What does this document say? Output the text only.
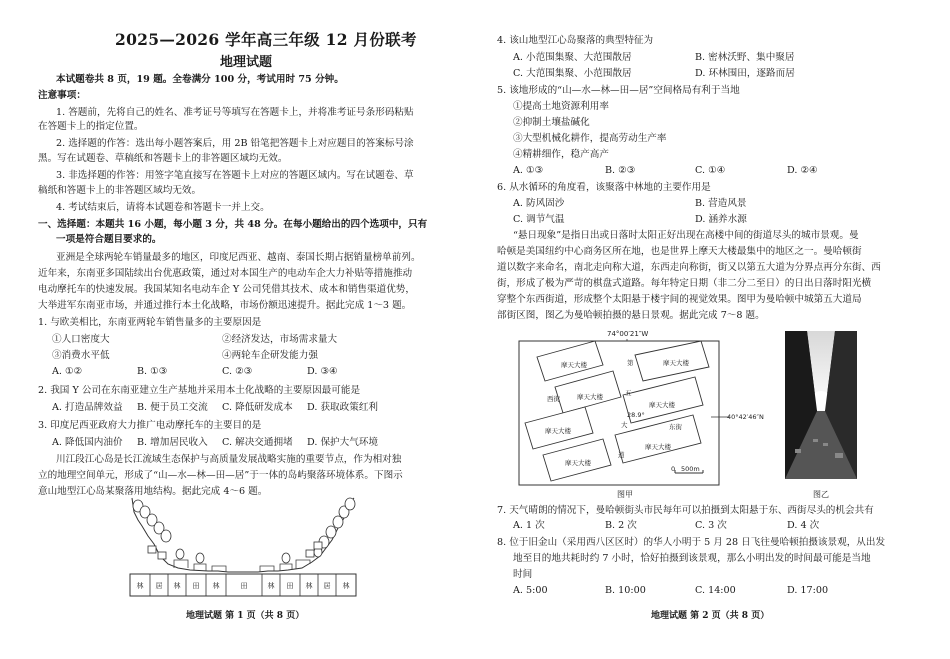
2025—2026 学年高三年级 12 月份联考
地理试题
本试题卷共 8 页，19 题。全卷满分 100 分，考试用时 75 分钟。
注意事项：
1. 答题前，先将自己的姓名、准考证号等填写在答题卡上，并将准考证号条形码粘贴
在答题卡上的指定位置。
2. 选择题的作答：选出每小题答案后，用 2B 铅笔把答题卡上对应题目的答案标号涂
黑。写在试题卷、草稿纸和答题卡上的非答题区域均无效。
3. 非选择题的作答：用签字笔直接写在答题卡上对应的答题区域内。写在试题卷、草
稿纸和答题卡上的非答题区域均无效。
4. 考试结束后，请将本试题卷和答题卡一并上交。
一、选择题：本题共 16 小题，每小题 3 分，共 48 分。在每小题给出的四个选项中，只有
一项是符合题目要求的。
亚洲是全球两轮车销量最多的地区，印度尼西亚、越南、泰国长期占据销量榜单前列。
近年来，东南亚多国陆续出台优惠政策，通过对本国生产的电动车企大力补贴等措施推动
电动摩托车的快速发展。我国某知名电动车企 Y 公司凭借其技术、成本和销售渠道优势，
大举进军东南亚市场，并通过推行本土化战略，市场份额迅速提升。据此完成 1～3 题。
1. 与欧美相比，东南亚两轮车销售量多的主要原因是
①人口密度大	②经济发达，市场需求量大
③消费水平低	④两轮车企研发能力强
A. ①②	B. ①③	C. ②③	D. ③④
2. 我国 Y 公司在东南亚建立生产基地并采用本土化战略的主要原因最可能是
A. 打造品牌效益 B. 便于员工交流 C. 降低研发成本 D. 获取政策红利
3. 印度尼西亚政府大力推广电动摩托车的主要目的是
A. 降低国内油价 B. 增加居民收入 C. 解决交通拥堵 D. 保护大气环境
川江段江心岛是长江流域生态保护与高质量发展战略实施的重要节点，作为相对独
立的地理空间单元，形成了“山—水—林—田—居”于一体的岛屿聚落环境体系。下图示
意山地型江心岛某聚落用地结构。据此完成 4～6 题。
林 居 林 田 林	田	林 田 林 居 林
地理试题 第 1 页（共 8 页）
4. 该山地型江心岛聚落的典型特征为
A. 小范围集聚、大范围散居	B. 密林沃野、集中聚居
C. 大范围集聚、小范围散居	D. 环林围田，逐路而居
5. 该地形成的“山—水—林—田—居”空间格局有利于当地
①提高土地资源利用率
②抑制土壤盐碱化
③大型机械化耕作，提高劳动生产率
④精耕细作，稳产高产
A. ①③	B. ②③	C. ①④	D. ②④
6. 从水循环的角度看，该聚落中林地的主要作用是
A. 防风固沙	B. 营造风景
C. 调节气温	D. 涵养水源
“悬日现象”是指日出或日落时太阳正好出现在高楼中间的街道尽头的城市景观。曼
哈顿是美国纽约中心商务区所在地，也是世界上摩天大楼最集中的地区之一。曼哈顿街
道以数字来命名，南北走向称大道，东西走向称街，街又以第五大道为分界点再分东街、西
街，形成了极为严苛的棋盘式道路。每年特定日期（非二分二至日）的日出日落时阳光横
穿整个东西街道，形成整个太阳悬于楼宇间的视觉效果。图甲为曼哈顿中城第五大道局
部街区图，图乙为曼哈顿拍摄的悬日景观。据此完成 7～8 题。
74°00′21″W
摩天大楼
摩天大楼
摩天大楼
摩天大楼
摩天大楼
摩天大楼
摩天大楼
西街
东街
第
五
大
道
28.9°	40°42′46″N
0 500m
图甲	图乙
7. 天气晴朗的情况下，曼哈顿街头市民每年可以拍摄到太阳悬于东、西街尽头的机会共有
A. 1 次	B. 2 次	C. 3 次	D. 4 次
8. 位于旧金山（采用西八区区时）的华人小明于 5 月 28 日飞往曼哈顿拍摄该景观，从出发
地至目的地共耗时约 7 小时，恰好拍摄到该景观，那么小明出发的时间最可能是当地
时间
A. 5:00	B. 10:00	C. 14:00	D. 17:00
地理试题 第 2 页（共 8 页）
